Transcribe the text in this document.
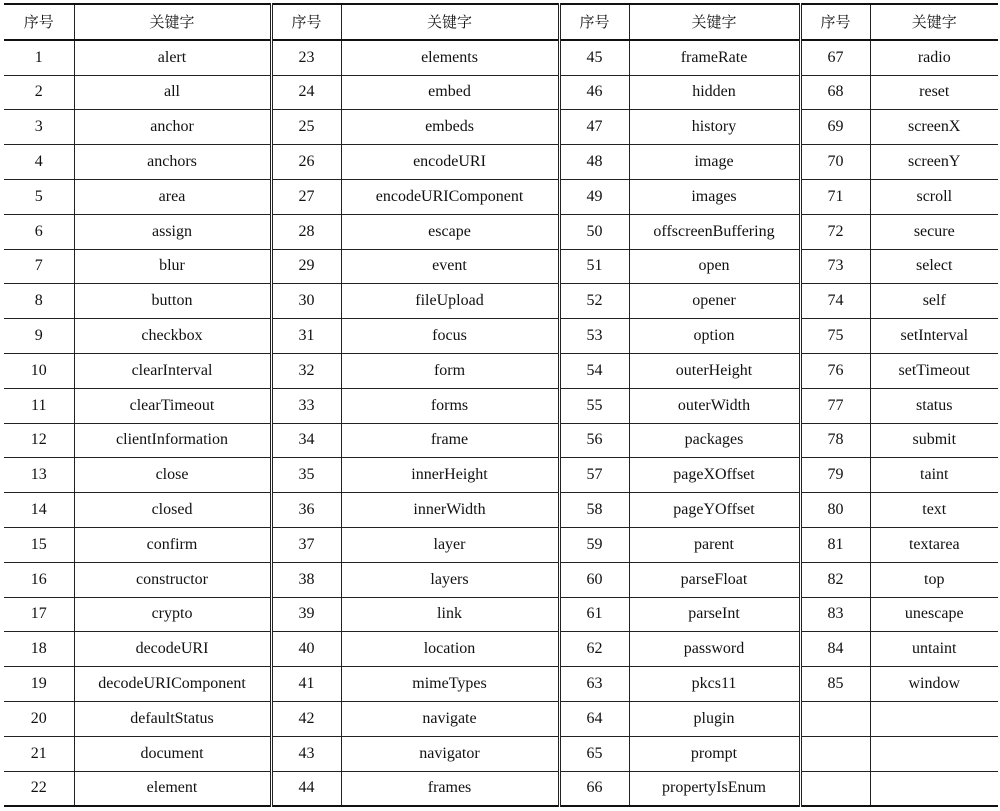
序号	关键字	序号	关键字	序号	关键字	序号	关键字
1	alert	23	elements	45	frameRate	67	radio
2	all	24	embed	46	hidden	68	reset
3	anchor	25	embeds	47	history	69	screenX
4	anchors	26	encodeURI	48	image	70	screenY
5	area	27	encodeURIComponent	49	images	71	scroll
6	assign	28	escape	50	offscreenBuffering	72	secure
7	blur	29	event	51	open	73	select
8	button	30	fileUpload	52	opener	74	self
9	checkbox	31	focus	53	option	75	setInterval
10	clearInterval	32	form	54	outerHeight	76	setTimeout
11	clearTimeout	33	forms	55	outerWidth	77	status
12	clientInformation	34	frame	56	packages	78	submit
13	close	35	innerHeight	57	pageXOffset	79	taint
14	closed	36	innerWidth	58	pageYOffset	80	text
15	confirm	37	layer	59	parent	81	textarea
16	constructor	38	layers	60	parseFloat	82	top
17	crypto	39	link	61	parseInt	83	unescape
18	decodeURI	40	location	62	password	84	untaint
19	decodeURIComponent	41	mimeTypes	63	pkcs11	85	window
20	defaultStatus	42	navigate	64	plugin		
21	document	43	navigator	65	prompt		
22	element	44	frames	66	propertyIsEnum		
